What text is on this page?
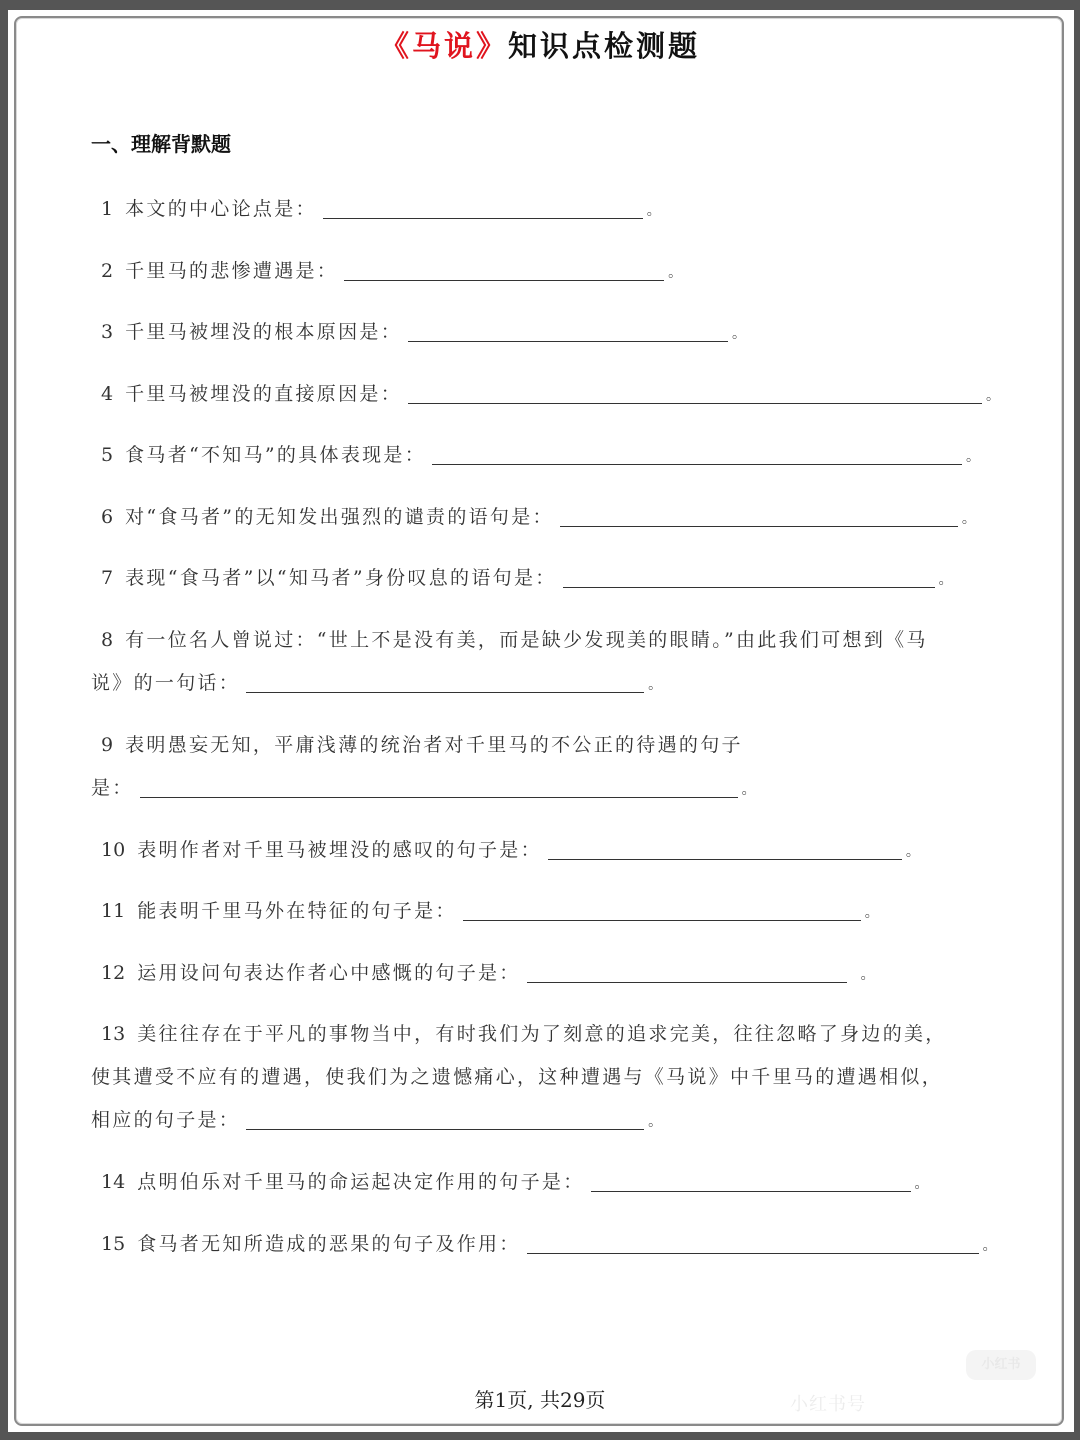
《马说》知识点检测题
一、理解背默题
1 本文的中心论点是：	。
2 千里马的悲惨遭遇是：	。
3 千里马被埋没的根本原因是：	。
4 千里马被埋没的直接原因是：	。
5 食马者“不知马”的具体表现是：	。
6 对“食马者”的无知发出强烈的谴责的语句是：	。
7 表现“食马者”以“知马者”身份叹息的语句是：	。
8 有一位名人曾说过：“世上不是没有美，而是缺少发现美的眼睛。”由此我们可想到《马
说》的一句话：	。
9 表明愚妄无知，平庸浅薄的统治者对千里马的不公正的待遇的句子
是：	。
10 表明作者对千里马被埋没的感叹的句子是：	。
11 能表明千里马外在特征的句子是：	。
12 运用设问句表达作者心中感慨的句子是：	。
13 美往往存在于平凡的事物当中，有时我们为了刻意的追求完美，往往忽略了身边的美，
使其遭受不应有的遭遇，使我们为之遗憾痛心，这种遭遇与《马说》中千里马的遭遇相似，
相应的句子是：	。
14 点明伯乐对千里马的命运起决定作用的句子是：	。
15 食马者无知所造成的恶果的句子及作用：	。
第1页, 共29页
小红书
小红书号
